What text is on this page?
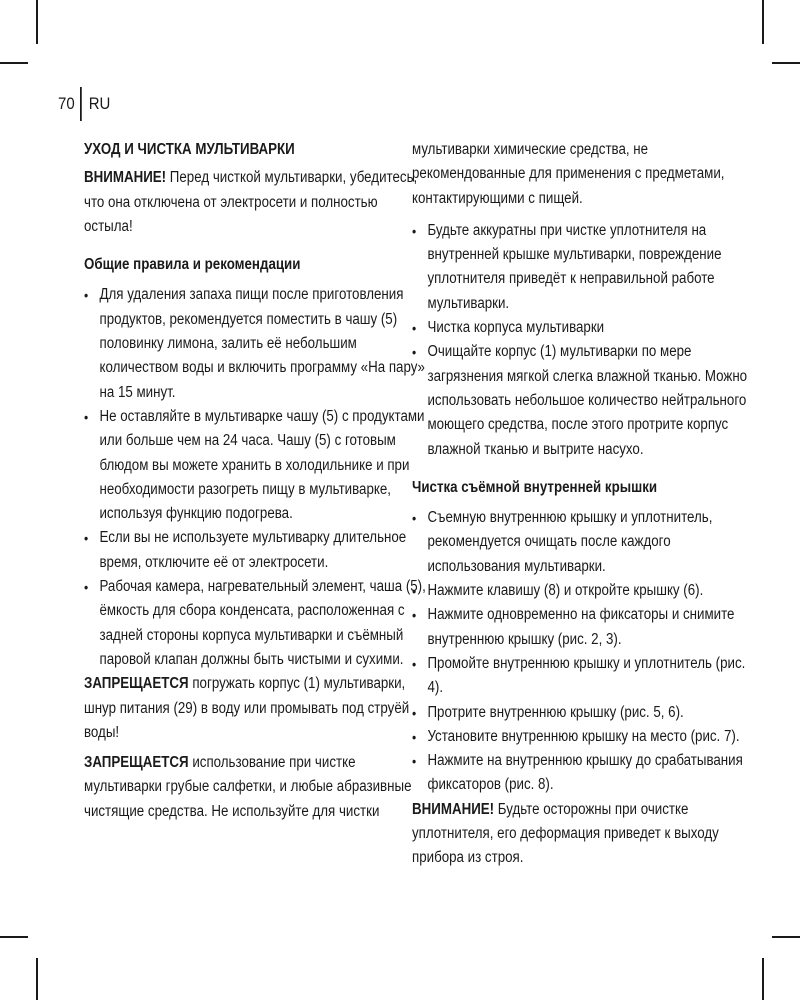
70 RU
УХОД И ЧИСТКА МУЛЬТИВАРКИ

ВНИМАНИЕ! Перед чисткой мультиварки, убедитесь, что она отключена от электросети и полностью остыла!

Общие правила и рекомендации
• Для удаления запаха пищи после приготовления продуктов, рекомендуется поместить в чашу (5) половинку лимона, залить её небольшим количеством воды и включить программу «На пару» на 15 минут.
• Не оставляйте в мультиварке чашу (5) с продуктами или больше чем на 24 часа. Чашу (5) с готовым блюдом вы можете хранить в холодильнике и при необходимости разогреть пищу в мультиварке, используя функцию подогрева.
• Если вы не используете мультиварку длительное время, отключите её от электросети.
• Рабочая камера, нагревательный элемент, чаша (5), ёмкость для сбора конденсата, расположенная с задней стороны корпуса мультиварки и съёмный паровой клапан должны быть чистыми и сухими.

ЗАПРЕЩАЕТСЯ погружать корпус (1) мультиварки, шнур питания (29) в воду или промывать под струёй воды!

ЗАПРЕЩАЕТСЯ использование при чистке мультиварки грубые салфетки, и любые абразивные чистящие средства. Не используйте для чистки

мультиварки химические средства, не рекомендованные для применения с предметами, контактирующими с пищей.

• Будьте аккуратны при чистке уплотнителя на внутренней крышке мультиварки, повреждение уплотнителя приведёт к неправильной работе мультиварки.
• Чистка корпуса мультиварки
• Очищайте корпус (1) мультиварки по мере загрязнения мягкой слегка влажной тканью. Можно использовать небольшое количество нейтрального моющего средства, после этого протрите корпус влажной тканью и вытрите насухо.
Чистка съёмной внутренней крышки
• Съемную внутреннюю крышку и уплотнитель, рекомендуется очищать после каждого использования мультиварки.
• Нажмите клавишу (8) и откройте крышку (6).
• Нажмите одновременно на фиксаторы и снимите внутреннюю крышку (рис. 2, 3).
• Промойте внутреннюю крышку и уплотнитель (рис. 4).
• Протрите внутреннюю крышку (рис. 5, 6).
• Установите внутреннюю крышку на место (рис. 7).
• Нажмите на внутреннюю крышку до срабатывания фиксаторов (рис. 8).

ВНИМАНИЕ! Будьте осторожны при очистке уплотнителя, его деформация приведет к выходу прибора из строя.
